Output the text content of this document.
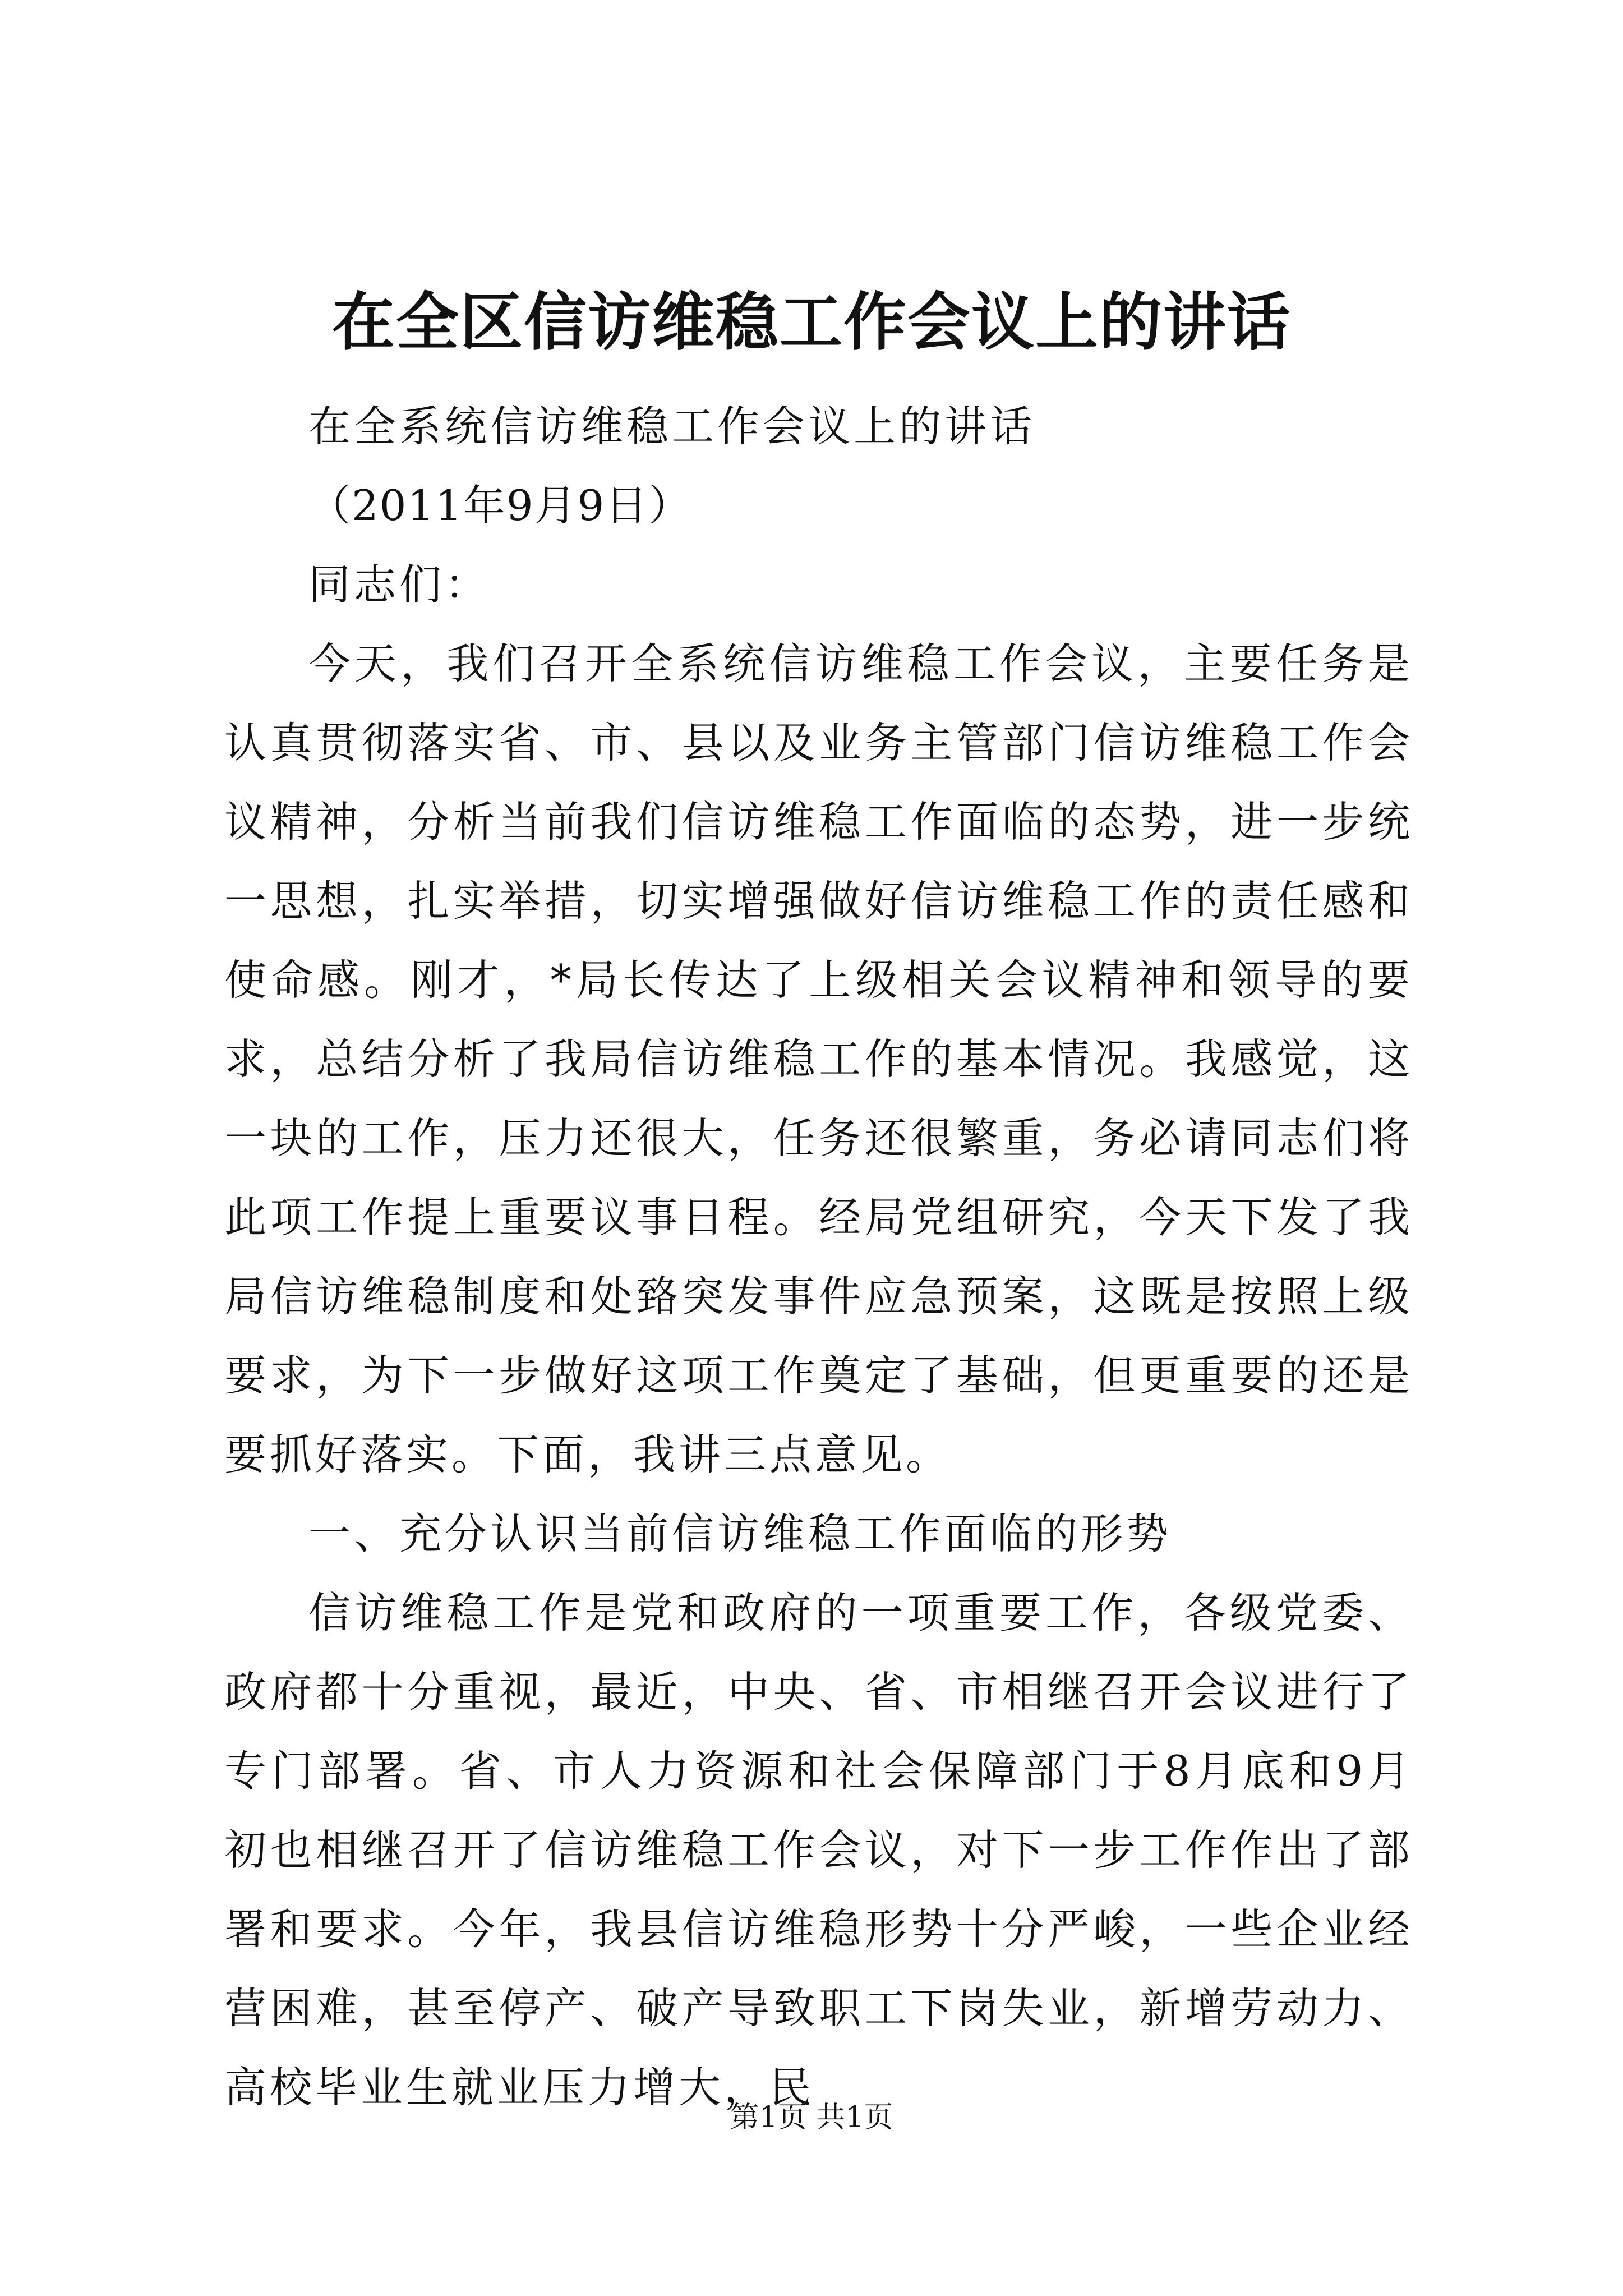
在全区信访维稳工作会议上的讲话

在全系统信访维稳工作会议上的讲话

（2011年9月9日）

同志们：

今天，我们召开全系统信访维稳工作会议，主要任务是认真贯彻落实省、市、县以及业务主管部门信访维稳工作会议精神，分析当前我们信访维稳工作面临的态势，进一步统一思想，扎实举措，切实增强做好信访维稳工作的责任感和使命感。刚才，*局长传达了上级相关会议精神和领导的要求，总结分析了我局信访维稳工作的基本情况。我感觉，这一块的工作，压力还很大，任务还很繁重，务必请同志们将此项工作提上重要议事日程。经局党组研究，今天下发了我局信访维稳制度和处臵突发事件应急预案，这既是按照上级要求，为下一步做好这项工作奠定了基础，但更重要的还是要抓好落实。下面，我讲三点意见。

一、充分认识当前信访维稳工作面临的形势

信访维稳工作是党和政府的一项重要工作，各级党委、政府都十分重视，最近，中央、省、市相继召开会议进行了专门部署。省、市人力资源和社会保障部门于8月底和9月初也相继召开了信访维稳工作会议，对下一步工作作出了部署和要求。今年，我县信访维稳形势十分严峻，一些企业经营困难，甚至停产、破产导致职工下岗失业，新增劳动力、高校毕业生就业压力增大，民

第1页 共1页
